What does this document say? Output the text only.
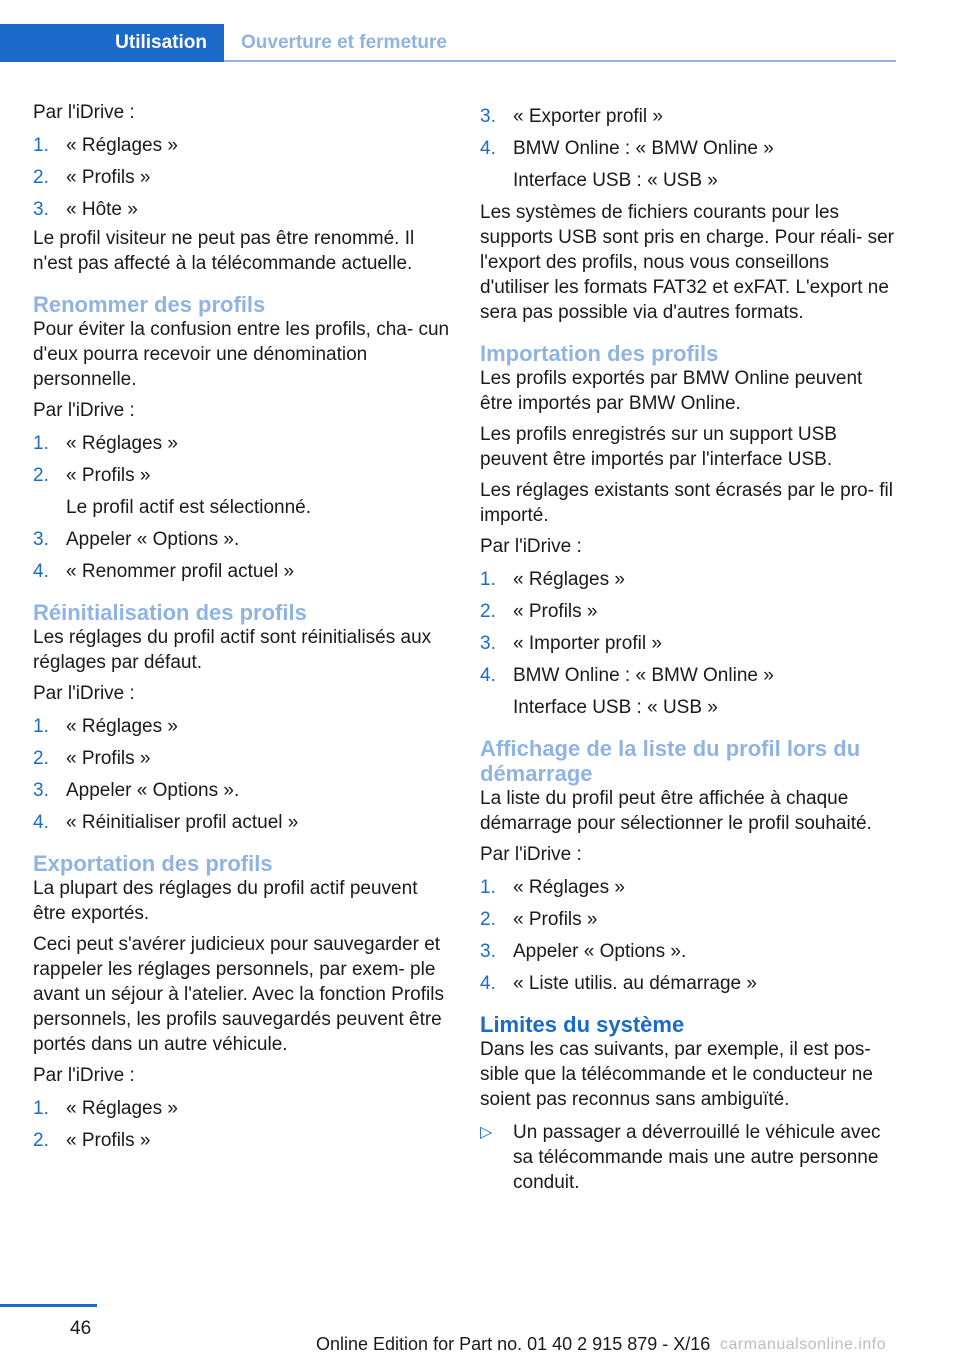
Utilisation	Ouverture et fermeture

Par l'iDrive :

1. « Réglages »
2. « Profils »
3. « Hôte »

Le profil visiteur ne peut pas être renommé. Il n'est pas affecté à la télécommande actuelle.

Renommer des profils

Pour éviter la confusion entre les profils, cha‐ cun d'eux pourra recevoir une dénomination personnelle.

Par l'iDrive :

1. « Réglages »
2. « Profils »
Le profil actif est sélectionné.
3. Appeler « Options ».
4. « Renommer profil actuel »
Réinitialisation des profils

Les réglages du profil actif sont réinitialisés aux réglages par défaut.

Par l'iDrive :

1. « Réglages »
2. « Profils »
3. Appeler « Options ».
4. « Réinitialiser profil actuel »
Exportation des profils

La plupart des réglages du profil actif peuvent être exportés.

Ceci peut s'avérer judicieux pour sauvegarder et rappeler les réglages personnels, par exem‐ ple avant un séjour à l'atelier. Avec la fonction Profils personnels, les profils sauvegardés peuvent être portés dans un autre véhicule.

Par l'iDrive :

1. « Réglages »
2. « Profils »
3. « Exporter profil »
4. BMW Online : « BMW Online »
Interface USB : « USB »

Les systèmes de fichiers courants pour les supports USB sont pris en charge. Pour réali‐ ser l'export des profils, nous vous conseillons d'utiliser les formats FAT32 et exFAT. L'export ne sera pas possible via d'autres formats.

Importation des profils

Les profils exportés par BMW Online peuvent être importés par BMW Online.

Les profils enregistrés sur un support USB peuvent être importés par l'interface USB.

Les réglages existants sont écrasés par le pro‐ fil importé.

Par l'iDrive :

1. « Réglages »
2. « Profils »
3. « Importer profil »
4. BMW Online : « BMW Online »
Interface USB : « USB »
Affichage de la liste du profil lors du démarrage

La liste du profil peut être affichée à chaque démarrage pour sélectionner le profil souhaité.

Par l'iDrive :

1. « Réglages »
2. « Profils »
3. Appeler « Options ».
4. « Liste utilis. au démarrage »
Limites du système

Dans les cas suivants, par exemple, il est pos‐ sible que la télécommande et le conducteur ne soient pas reconnus sans ambiguïté.

▷ Un passager a déverrouillé le véhicule avec sa télécommande mais une autre personne conduit.
46
Online Edition for Part no. 01 40 2 915 879 - X/16 carmanualsonline.info
